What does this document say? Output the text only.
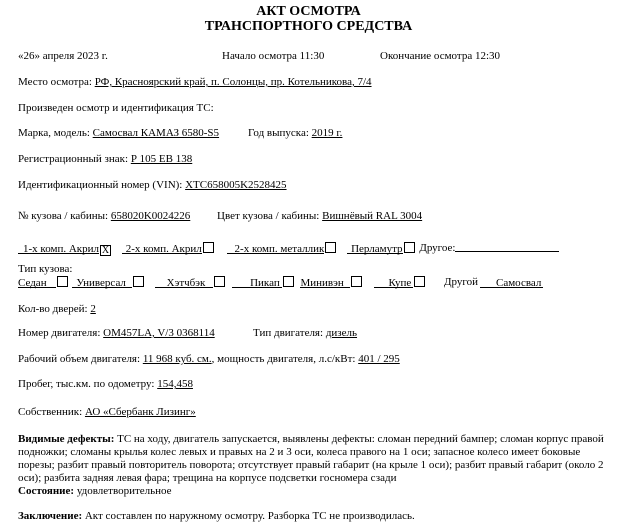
АКТ ОСМОТРА
ТРАНСПОРТНОГО СРЕДСТВА
«26» апреля 2023 г.	Начало осмотра 11:30	Окончание осмотра 12:30
Место осмотра: РФ, Красноярский край, п. Солонцы, пр. Котельникова, 7/4
Произведен осмотр и идентификация ТС:
Марка, модель: Самосвал КАМАЗ 6580-S5	Год выпуска: 2019 г.
Регистрационный знак: Р 105 ЕВ 138
Идентификационный номер (VIN): XTC658005K2528425
№ кузова / кабины: 658020K0024226 Цвет кузова / кабины: Вишнёвый RAL 3004
1-х комп. Акрил X 2-х комп. Акрил	2-х комп. металлик Перламутр Другое:
Тип кузова:
Седан	Универсал	Хэтчбэк	Пикап Минивэн	Купе	Другой Самосвал
Кол-во дверей: 2
Номер двигателя: OM457LA, V/3 0368114	Тип двигателя: дизель
Рабочий объем двигателя: 11 968 куб. см., мощность двигателя, л.с/кВт: 401 / 295
Пробег, тыс.км. по одометру: 154,458
Собственник: АО «Сбербанк Лизинг»
Видимые дефекты: ТС на ходу, двигатель запускается, выявлены дефекты: сломан передний бампер; сломан корпус правой подножки; сломаны крылья колес левых и правых на 2 и 3 оси, колеса правого на 1 оси; запасное колесо имеет боковые порезы; разбит правый повторитель поворота; отсутствует правый габарит (на крыле 1 оси); разбит правый габарит (около 2 оси); разбита задняя левая фара; трещина на корпусе подсветки госномера сзади
Состояние: удовлетворительное
Заключение: Акт составлен по наружному осмотру. Разборка ТС не производилась.
